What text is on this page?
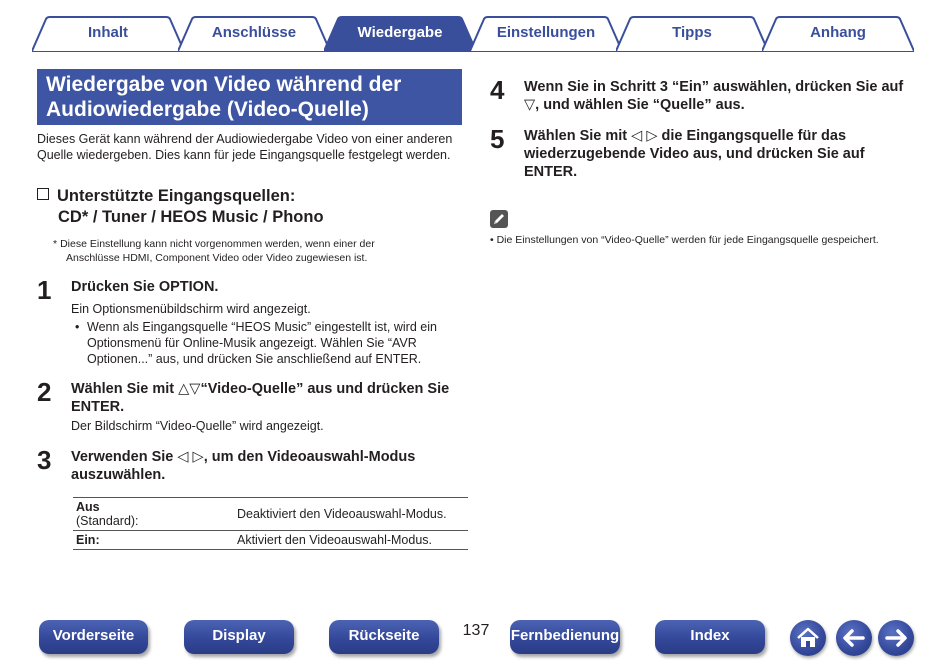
Inhalt	Anschlüsse	Wiedergabe	Einstellungen	Tipps	Anhang
Wiedergabe von Video während der Audiowiedergabe (Video-Quelle)
Dieses Gerät kann während der Audiowiedergabe Video von einer anderen Quelle wiedergeben. Dies kann für jede Eingangsquelle festgelegt werden.
Unterstützte Eingangsquellen:
CD* / Tuner / HEOS Music / Phono
* Diese Einstellung kann nicht vorgenommen werden, wenn einer der
Anschlüsse HDMI, Component Video oder Video zugewiesen ist.
1 Drücken Sie OPTION.
Ein Optionsmenübildschirm wird angezeigt.
• Wenn als Eingangsquelle “HEOS Music” eingestellt ist, wird ein Optionsmenü für Online-Musik angezeigt. Wählen Sie “AVR Optionen...” aus, und drücken Sie anschließend auf ENTER.
2 Wählen Sie mit △▽“Video-Quelle” aus und drücken Sie ENTER.
Der Bildschirm “Video-Quelle” wird angezeigt.
3 Verwenden Sie ◁ ▷, um den Videoauswahl-Modus auszuwählen.
Aus
(Standard):	Deaktiviert den Videoauswahl-Modus.

Ein:	Aktiviert den Videoauswahl-Modus.
4 Wenn Sie in Schritt 3 “Ein” auswählen, drücken Sie auf ▽, und wählen Sie “Quelle” aus.
5 Wählen Sie mit ◁ ▷ die Eingangsquelle für das wiederzugebende Video aus, und drücken Sie auf ENTER.
• Die Einstellungen von “Video-Quelle” werden für jede Eingangsquelle gespeichert.
Vorderseite	Display	Rückseite	137	Fernbedienung	Index
